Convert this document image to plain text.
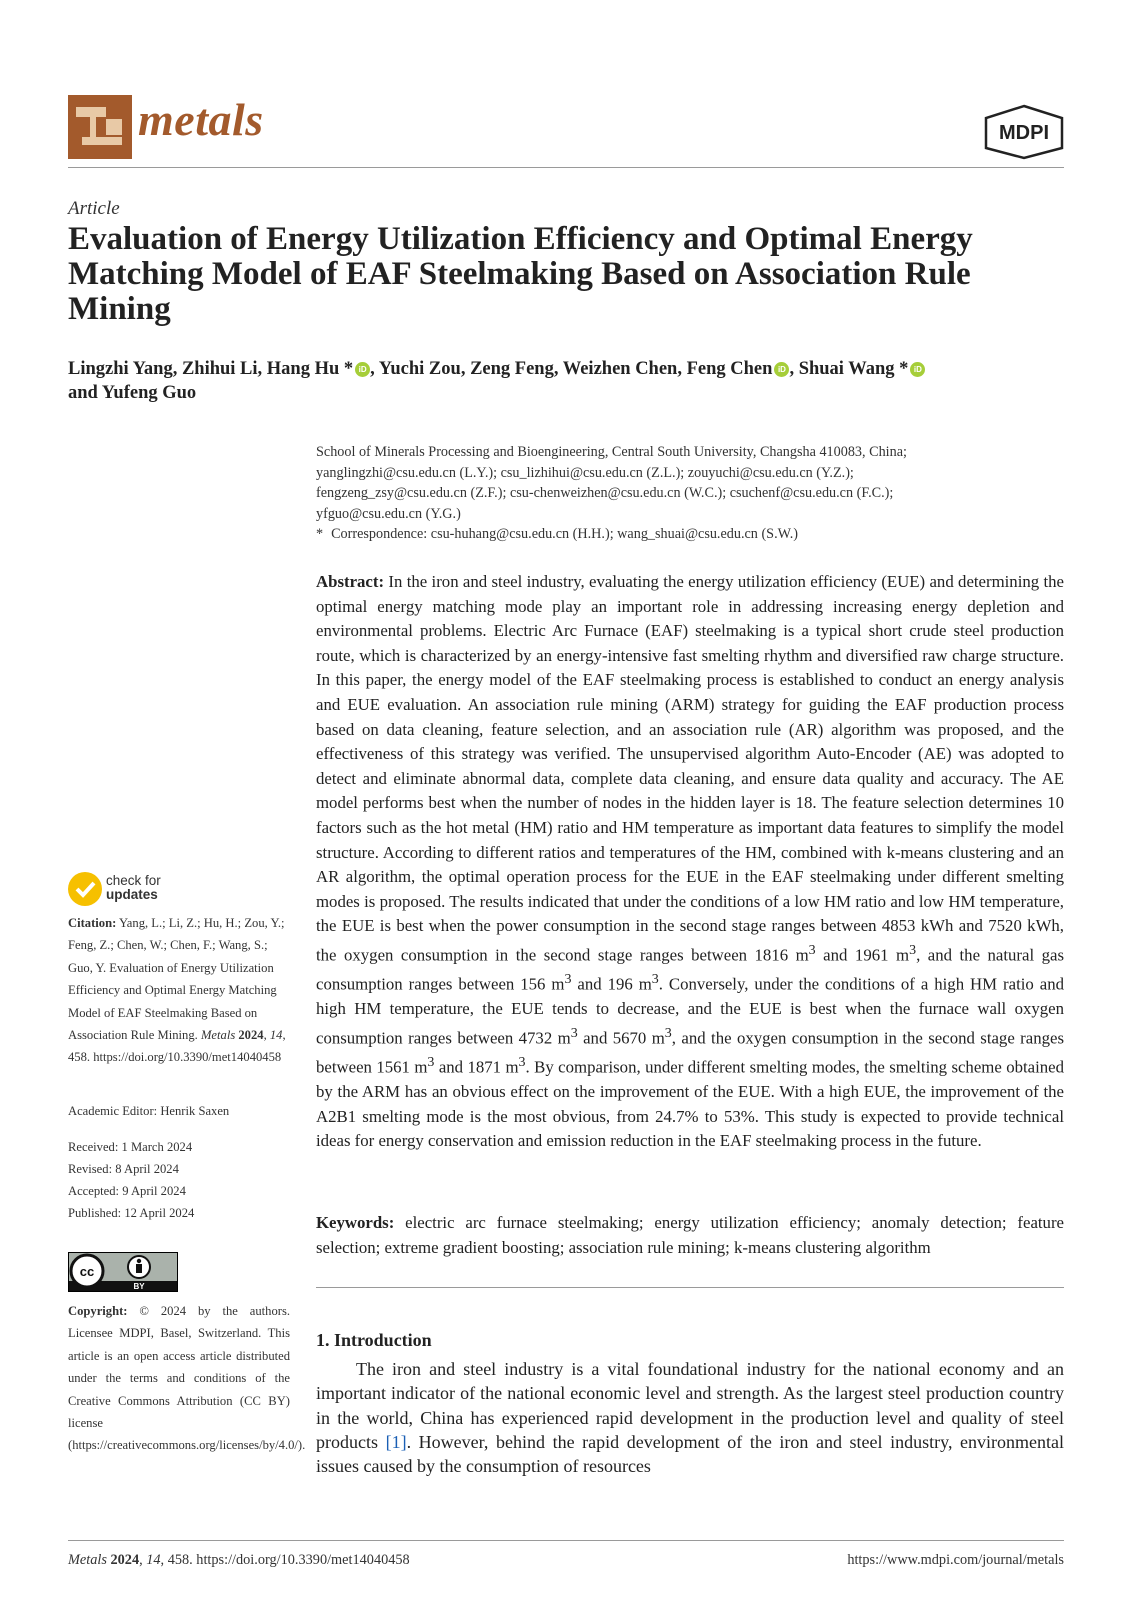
metals	MDPI
Article
Evaluation of Energy Utilization Efficiency and Optimal Energy Matching Model of EAF Steelmaking Based on Association Rule Mining

Lingzhi Yang, Zhihui Li, Hang Hu * iD , Yuchi Zou, Zeng Feng, Weizhen Chen, Feng Chen iD , Shuai Wang * iD
and Yufeng Guo

School of Minerals Processing and Bioengineering, Central South University, Changsha 410083, China;

yanglingzhi@csu.edu.cn (L.Y.); csu_lizhihui@csu.edu.cn (Z.L.); zouyuchi@csu.edu.cn (Y.Z.);

fengzeng_zsy@csu.edu.cn (Z.F.); csu-chenweizhen@csu.edu.cn (W.C.); csuchenf@csu.edu.cn (F.C.);

yfguo@csu.edu.cn (Y.G.)

* Correspondence: csu-huhang@csu.edu.cn (H.H.); wang_shuai@csu.edu.cn (S.W.)

Abstract: In the iron and steel industry, evaluating the energy utilization efficiency (EUE) and determining the optimal energy matching mode play an important role in addressing increasing energy depletion and environmental problems. Electric Arc Furnace (EAF) steelmaking is a typical short crude steel production route, which is characterized by an energy-intensive fast smelting rhythm and diversified raw charge structure. In this paper, the energy model of the EAF steelmaking process is established to conduct an energy analysis and EUE evaluation. An association rule mining (ARM) strategy for guiding the EAF production process based on data cleaning, feature selection, and an association rule (AR) algorithm was proposed, and the effectiveness of this strategy was verified. The unsupervised algorithm Auto-Encoder (AE) was adopted to detect and eliminate abnormal data, complete data cleaning, and ensure data quality and accuracy. The AE model performs best when the number of nodes in the hidden layer is 18. The feature selection determines 10 factors such as the hot metal (HM) ratio and HM temperature as important data features to simplify the model structure. According to different ratios and temperatures of the HM, combined with k-means clustering and an AR algorithm, the optimal operation process for the EUE in the EAF steelmaking under different smelting modes is proposed. The results indicated that under the conditions of a low HM ratio and low HM temperature, the EUE is best when the power consumption in the second stage ranges between 4853 kWh and 7520 kWh, the oxygen consumption in the second stage ranges between 1816 $m^3$ and 1961 $m^3$, and the natural gas consumption ranges between 156 $m^3$ and 196 $m^3$. Conversely, under the conditions of a high HM ratio and high HM temperature, the EUE tends to decrease, and the EUE is best when the furnace wall oxygen consumption ranges between 4732 $m^3$ and 5670 $m^3$, and the oxygen consumption in the second stage ranges between 1561 $m^3$ and 1871 $m^3$. By comparison, under different smelting modes, the smelting scheme obtained by the ARM has an obvious effect on the improvement of the EUE. With a high EUE, the improvement of the A2B1 smelting mode is the most obvious, from 24.7% to 53%. This study is expected to provide technical ideas for energy conservation and emission reduction in the EAF steelmaking process in the future.

Keywords: electric arc furnace steelmaking; energy utilization efficiency; anomaly detection; feature selection; extreme gradient boosting; association rule mining; k-means clustering algorithm

1. Introduction

The iron and steel industry is a vital foundational industry for the national economy and an important indicator of the national economic level and strength. As the largest steel production country in the world, China has experienced rapid development in the production level and quality of steel products [1]. However, behind the rapid development of the iron and steel industry, environmental issues caused by the consumption of resources

check for
updates

Citation: Yang, L.; Li, Z.; Hu, H.; Zou, Y.; Feng, Z.; Chen, W.; Chen, F.; Wang, S.; Guo, Y. Evaluation of Energy Utilization Efficiency and Optimal Energy Matching Model of EAF Steelmaking Based on Association Rule Mining. Metals 2024, 14, 458. https://doi.org/10.3390/met14040458

Academic Editor: Henrik Saxen
Received: 1 March 2024
Revised: 8 April 2024
Accepted: 9 April 2024
Published: 12 April 2024
cc
BY

Copyright: © 2024 by the authors. Licensee MDPI, Basel, Switzerland. This article is an open access article distributed under the terms and conditions of the Creative Commons Attribution (CC BY) license (https://creativecommons.org/licenses/by/4.0/).

Metals 2024, 14, 458. https://doi.org/10.3390/met14040458	https://www.mdpi.com/journal/metals
